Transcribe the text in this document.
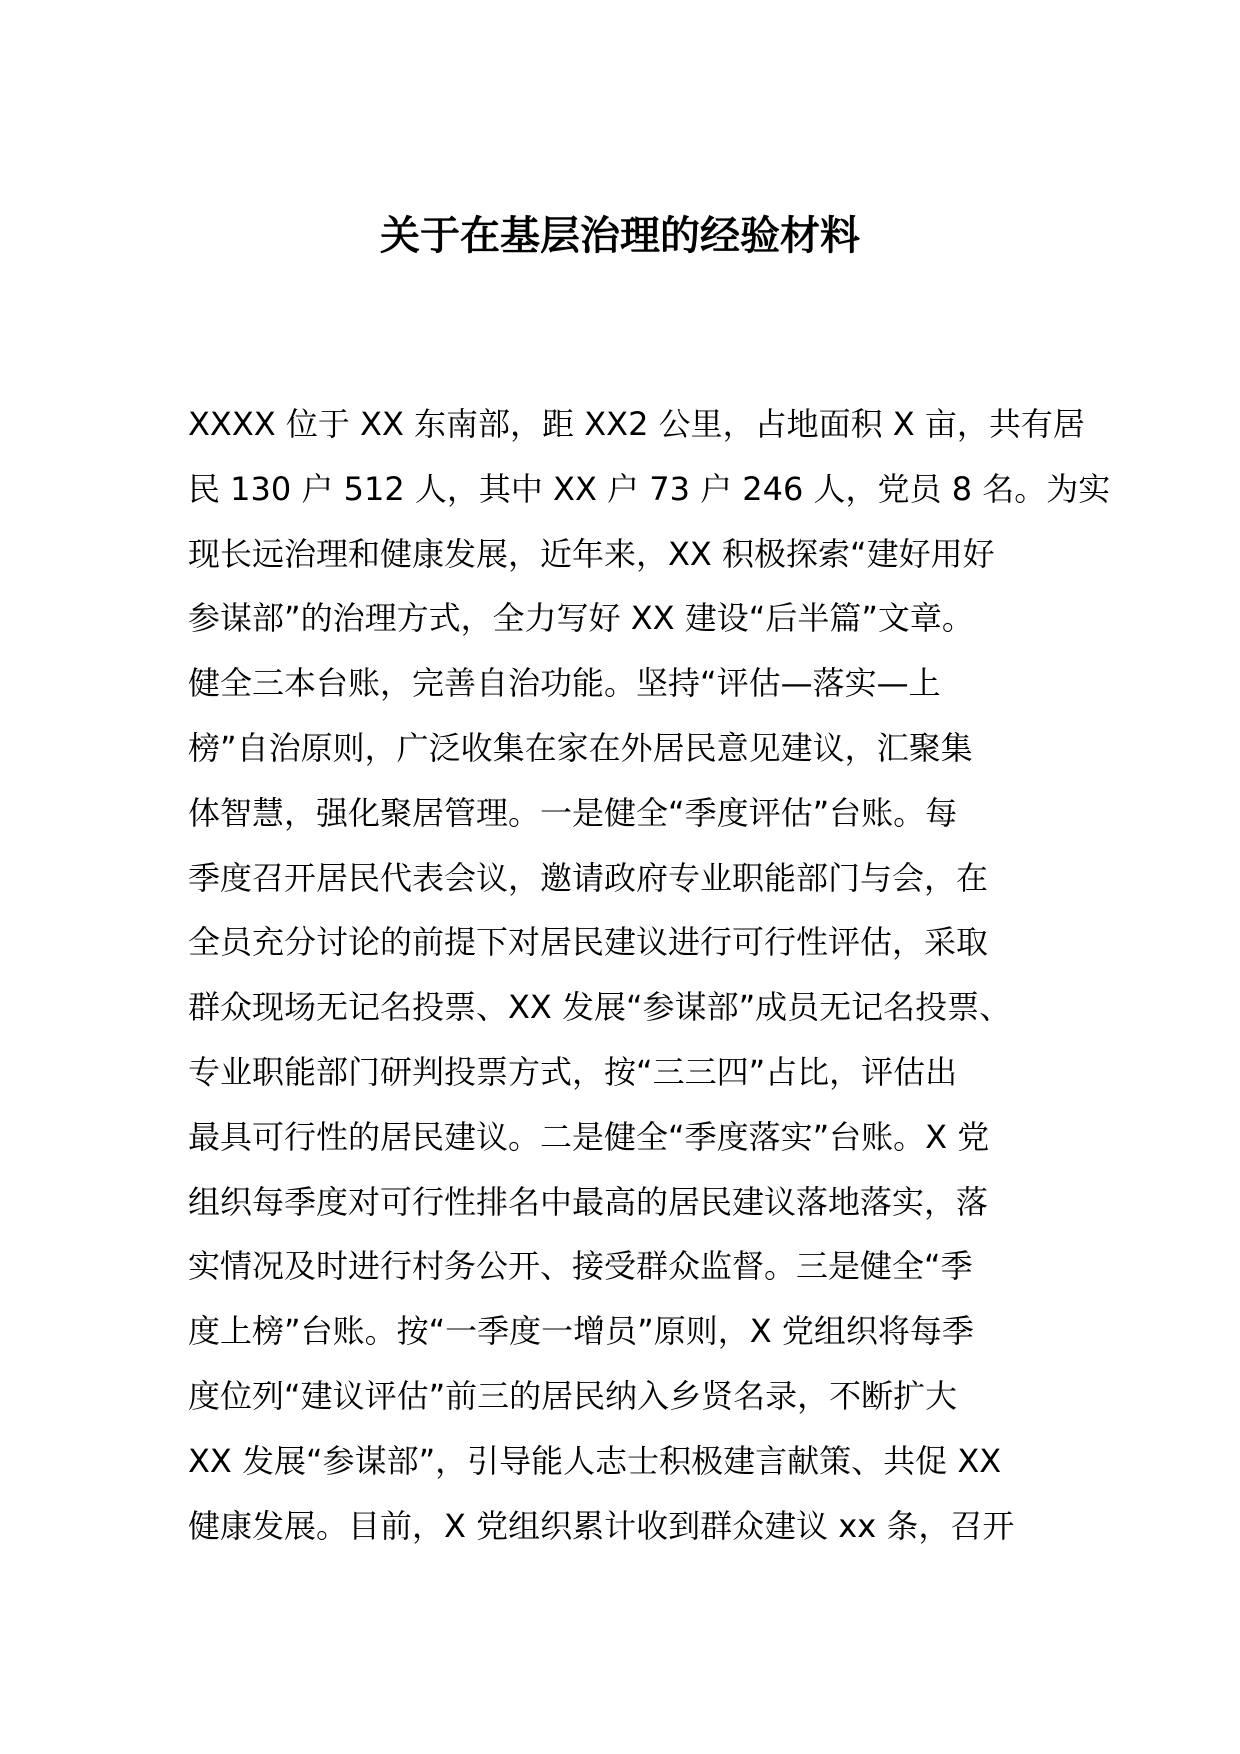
关于在基层治理的经验材料
XXXX 位于 XX 东南部，距 XX2 公里，占地面积 X 亩，共有居
民 130 户 512 人，其中 XX 户 73 户 246 人，党员 8 名。为实
现长远治理和健康发展，近年来，XX 积极探索“建好用好
参谋部”的治理方式，全力写好 XX 建设“后半篇”文章。
健全三本台账，完善自治功能。坚持“评估—落实—上
榜”自治原则，广泛收集在家在外居民意见建议，汇聚集
体智慧，强化聚居管理。一是健全“季度评估”台账。每
季度召开居民代表会议，邀请政府专业职能部门与会，在
全员充分讨论的前提下对居民建议进行可行性评估，采取
群众现场无记名投票、XX 发展“参谋部”成员无记名投票、
专业职能部门研判投票方式，按“三三四”占比，评估出
最具可行性的居民建议。二是健全“季度落实”台账。X 党
组织每季度对可行性排名中最高的居民建议落地落实，落
实情况及时进行村务公开、接受群众监督。三是健全“季
度上榜”台账。按“一季度一增员”原则，X 党组织将每季
度位列“建议评估”前三的居民纳入乡贤名录，不断扩大
XX 发展“参谋部”，引导能人志士积极建言献策、共促 XX
健康发展。目前，X 党组织累计收到群众建议 xx 条，召开
